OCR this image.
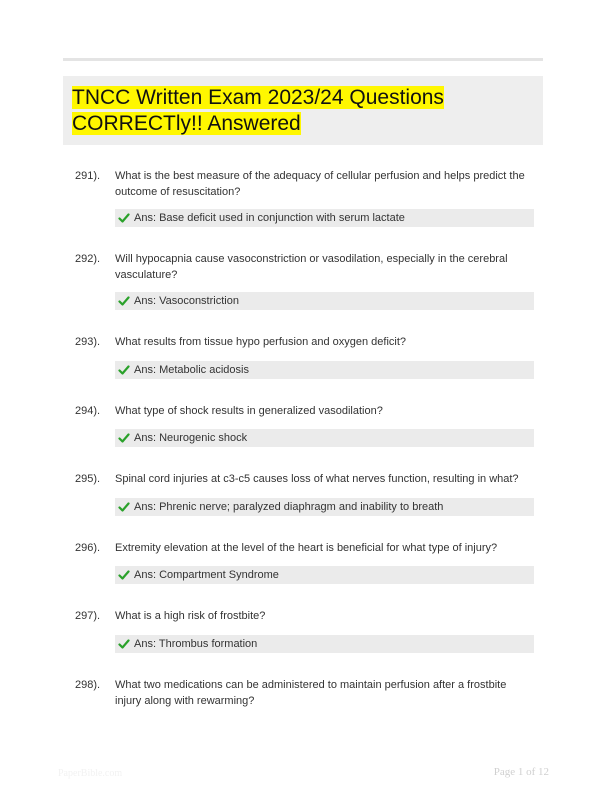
TNCC Written Exam 2023/24 Questions CORRECTly!! Answered
291). What is the best measure of the adequacy of cellular perfusion and helps predict the outcome of resuscitation?
Ans: Base deficit used in conjunction with serum lactate
292). Will hypocapnia cause vasoconstriction or vasodilation, especially in the cerebral vasculature?
Ans: Vasoconstriction
293). What results from tissue hypo perfusion and oxygen deficit?
Ans: Metabolic acidosis
294). What type of shock results in generalized vasodilation?
Ans: Neurogenic shock
295). Spinal cord injuries at c3-c5 causes loss of what nerves function, resulting in what?
Ans: Phrenic nerve; paralyzed diaphragm and inability to breath
296). Extremity elevation at the level of the heart is beneficial for what type of injury?
Ans: Compartment Syndrome
297). What is a high risk of frostbite?
Ans: Thrombus formation
298). What two medications can be administered to maintain perfusion after a frostbite injury along with rewarming?
PaperBible.com	Page 1 of 12
